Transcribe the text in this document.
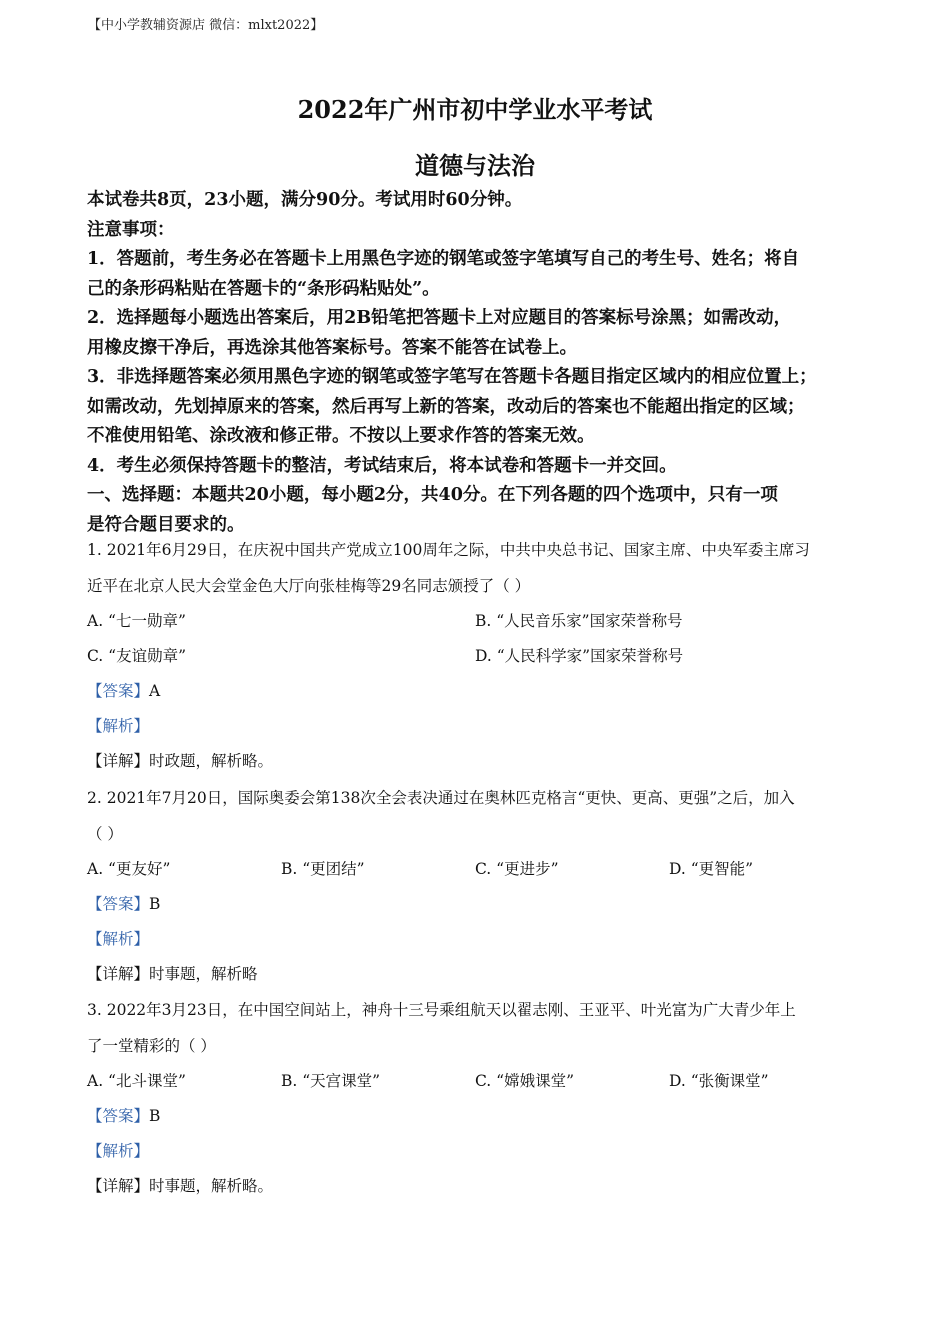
【中小学教辅资源店 微信：mlxt2022】
2022年广州市初中学业水平考试
道德与法治
本试卷共8页，23小题，满分90分。考试用时60分钟。
注意事项：
1．答题前，考生务必在答题卡上用黑色字迹的钢笔或签字笔填写自己的考生号、姓名；将自
己的条形码粘贴在答题卡的“条形码粘贴处”。
2．选择题每小题选出答案后，用2B铅笔把答题卡上对应题目的答案标号涂黑；如需改动，
用橡皮擦干净后，再选涂其他答案标号。答案不能答在试卷上。
3．非选择题答案必须用黑色字迹的钢笔或签字笔写在答题卡各题目指定区域内的相应位置上；
如需改动，先划掉原来的答案，然后再写上新的答案，改动后的答案也不能超出指定的区域；
不准使用铅笔、涂改液和修正带。不按以上要求作答的答案无效。
4．考生必须保持答题卡的整洁，考试结束后，将本试卷和答题卡一并交回。
一、选择题：本题共20小题，每小题2分，共40分。在下列各题的四个选项中，只有一项
是符合题目要求的。
1. 2021年6月29日，在庆祝中国共产党成立100周年之际，中共中央总书记、国家主席、中央军委主席习
近平在北京人民大会堂金色大厅向张桂梅等29名同志颁授了（ ）
A. “七一勋章”	B. “人民音乐家”国家荣誉称号
C. “友谊勋章”	D. “人民科学家”国家荣誉称号
【答案】A
【解析】
【详解】时政题，解析略。
2. 2021年7月20日，国际奥委会第138次全会表决通过在奥林匹克格言“更快、更高、更强”之后，加入
（ ）
A. “更友好”	B. “更团结”	C. “更进步”	D. “更智能”
【答案】B
【解析】
【详解】时事题，解析略
3. 2022年3月23日，在中国空间站上，神舟十三号乘组航天以翟志刚、王亚平、叶光富为广大青少年上
了一堂精彩的（ ）
A. “北斗课堂”	B. “天宫课堂”	C. “嫦娥课堂”	D. “张衡课堂”
【答案】B
【解析】
【详解】时事题，解析略。
